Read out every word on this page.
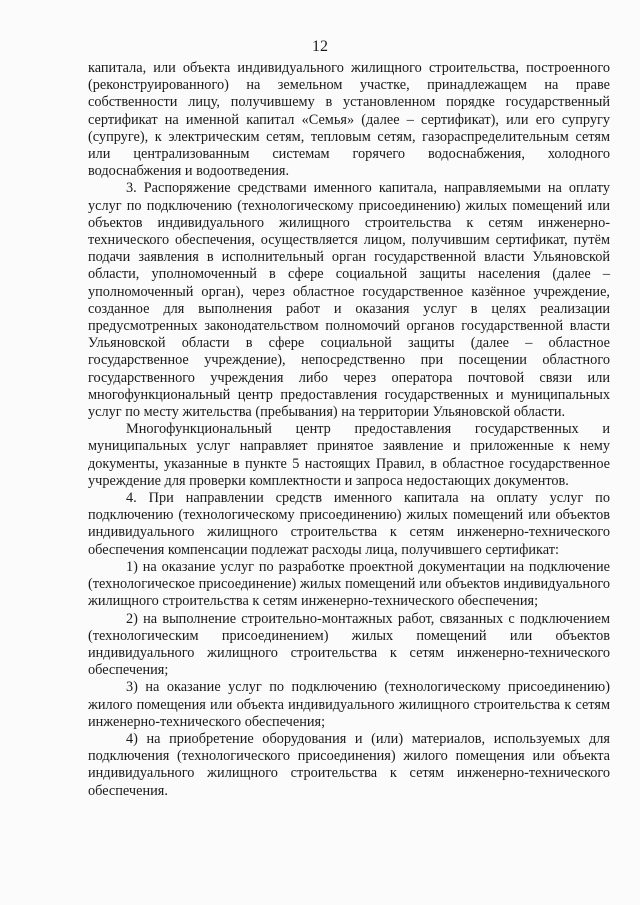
12

капитала, или объекта индивидуального жилищного строительства, построенного (реконструированного) на земельном участке, принадлежащем на праве собственности лицу, получившему в установленном порядке государственный сертификат на именной капитал «Семья» (далее – сертификат), или его супругу (супруге), к электрическим сетям, тепловым сетям, газораспределительным сетям или централизованным системам горячего водоснабжения, холодного водоснабжения и водоотведения.

3. Распоряжение средствами именного капитала, направляемыми на оплату услуг по подключению (технологическому присоединению) жилых помещений или объектов индивидуального жилищного строительства к сетям инженерно-технического обеспечения, осуществляется лицом, получившим сертификат, путём подачи заявления в исполнительный орган государственной власти Ульяновской области, уполномоченный в сфере социальной защиты населения (далее – уполномоченный орган), через областное государственное казённое учреждение, созданное для выполнения работ и оказания услуг в целях реализации предусмотренных законодательством полномочий органов государственной власти Ульяновской области в сфере социальной защиты (далее – областное государственное учреждение), непосредственно при посещении областного государственного учреждения либо через оператора почтовой связи или многофункциональный центр предоставления государственных и муниципальных услуг по месту жительства (пребывания) на территории Ульяновской области.

Многофункциональный центр предоставления государственных и муниципальных услуг направляет принятое заявление и приложенные к нему документы, указанные в пункте 5 настоящих Правил, в областное государственное учреждение для проверки комплектности и запроса недостающих документов.

4. При направлении средств именного капитала на оплату услуг по подключению (технологическому присоединению) жилых помещений или объектов индивидуального жилищного строительства к сетям инженерно-технического обеспечения компенсации подлежат расходы лица, получившего сертификат:

1) на оказание услуг по разработке проектной документации на подключение (технологическое присоединение) жилых помещений или объектов индивидуального жилищного строительства к сетям инженерно-технического обеспечения;

2) на выполнение строительно-монтажных работ, связанных с подключением (технологическим присоединением) жилых помещений или объектов индивидуального жилищного строительства к сетям инженерно-технического обеспечения;

3) на оказание услуг по подключению (технологическому присоединению) жилого помещения или объекта индивидуального жилищного строительства к сетям инженерно-технического обеспечения;

4) на приобретение оборудования и (или) материалов, используемых для подключения (технологического присоединения) жилого помещения или объекта индивидуального жилищного строительства к сетям инженерно-технического обеспечения.
